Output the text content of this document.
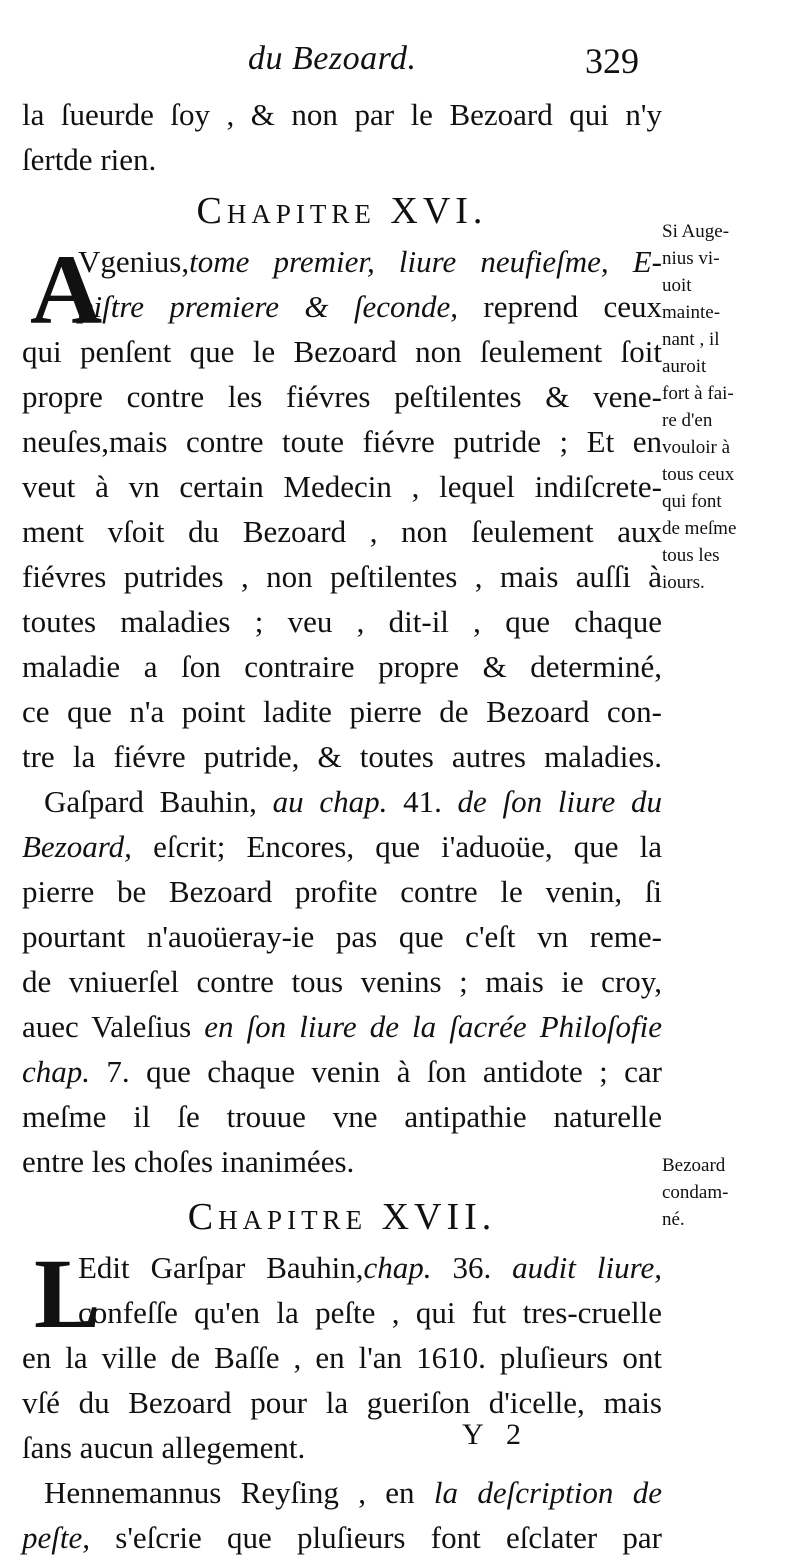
du Bezoard.	329
la ſueurde ſoy , & non par le Bezoard qui n'y
ſertde rien.
Chapitre XVI.
A
Vgenius,tome premier, liure neufieſme, E-
piſtre premiere & ſeconde, reprend ceux
qui penſent que le Bezoard non ſeulement ſoit
propre contre les fiévres peſtilentes & vene-
neuſes,mais contre toute fiévre putride ; Et en
veut à vn certain Medecin , lequel indiſcrete-
ment vſoit du Bezoard , non ſeulement aux
fiévres putrides , non peſtilentes , mais auſſi à
toutes maladies ; veu , dit-il , que chaque
maladie a ſon contraire propre & determiné,
ce que n'a point ladite pierre de Bezoard con-
tre la fiévre putride, & toutes autres maladies.
Gaſpard Bauhin, au chap. 41. de ſon liure du
Bezoard, eſcrit; Encores, que i'aduoüe, que la
pierre be Bezoard profite contre le venin, ſi
pourtant n'auoüeray-ie pas que c'eſt vn reme-
de vniuerſel contre tous venins ; mais ie croy,
auec Valeſius en ſon liure de la ſacrée Philoſofie
chap. 7. que chaque venin à ſon antidote ; car
meſme il ſe trouue vne antipathie naturelle
entre les choſes inanimées.
Chapitre XVII.
L
Edit Garſpar Bauhin,chap. 36. audit liure,
confeſſe qu'en la peſte , qui fut tres-cruelle
en la ville de Baſſe , en l'an 1610. pluſieurs ont
vſé du Bezoard pour la gueriſon d'icelle, mais
ſans aucun allegement.
Hennemannus Reyſing , en la deſcription de
peſte, s'eſcrie que pluſieurs font eſclater par
Si Auge-
nius vi-
uoit
mainte-
nant , il
auroit
fort à fai-
re d'en
vouloir à
tous ceux
qui font
de meſme
tous les
iours.
Bezoard
condam-
né.
Y 2
